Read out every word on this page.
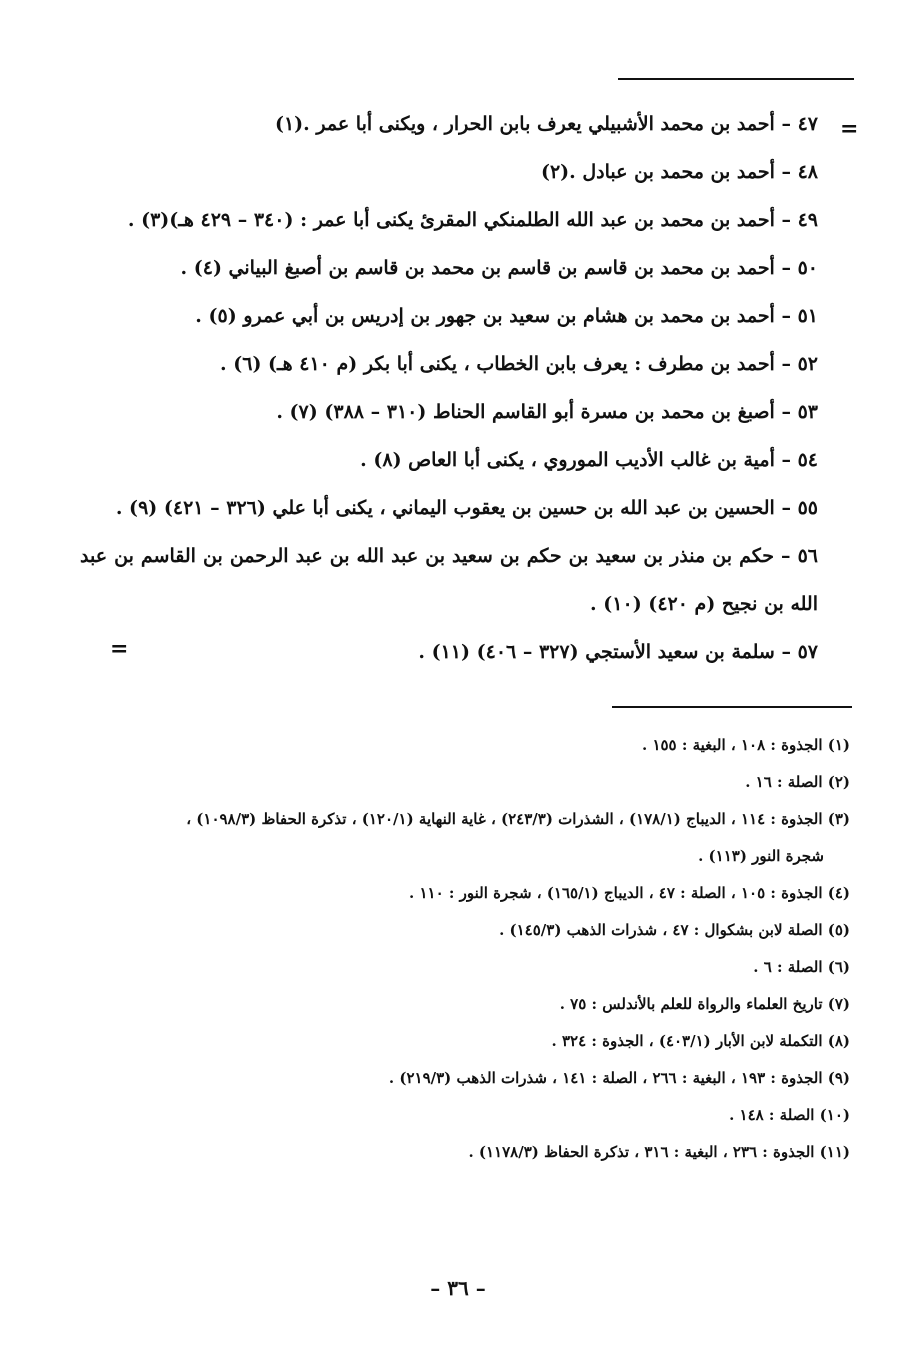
=
=
٤٧ – أحمد بن محمد الأشبيلي يعرف بابن الحرار ، ويكنى أبا عمر .(١)
٤٨ – أحمد بن محمد بن عبادل .(٢)
٤٩ – أحمد بن محمد بن عبد الله الطلمنكي المقرئ يكنى أبا عمر : (٣٤٠ – ٤٢٩ هـ)(٣) .
٥٠ – أحمد بن محمد بن قاسم بن قاسم بن محمد بن قاسم بن أصبغ البياني (٤) .
٥١ – أحمد بن محمد بن هشام بن سعيد بن جهور بن إدريس بن أبي عمرو (٥) .
٥٢ – أحمد بن مطرف : يعرف بابن الخطاب ، يكنى أبا بكر (م ٤١٠ هـ) (٦) .
٥٣ – أصبغ بن محمد بن مسرة أبو القاسم الحناط (٣١٠ – ٣٨٨) (٧) .
٥٤ – أمية بن غالب الأديب الموروي ، يكنى أبا العاص (٨) .
٥٥ – الحسين بن عبد الله بن حسين بن يعقوب اليماني ، يكنى أبا علي (٣٢٦ – ٤٢١) (٩) .
٥٦ – حكم بن منذر بن سعيد بن حكم بن سعيد بن عبد الله بن عبد الرحمن بن القاسم بن عبد الله بن نجيح (م ٤٢٠) (١٠) .
٥٧ – سلمة بن سعيد الأستجي (٣٢٧ – ٤٠٦) (١١) .
(١) الجذوة : ١٠٨ ، البغية : ١٥٥ .
(٢) الصلة : ١٦ .
(٣) الجذوة : ١١٤ ، الديباج (١٧٨/١) ، الشذرات (٢٤٣/٣) ، غاية النهاية (١٢٠/١) ، تذكرة الحفاظ (١٠٩٨/٣) ،
شجرة النور (١١٣) .
(٤) الجذوة : ١٠٥ ، الصلة : ٤٧ ، الديباج (١٦٥/١) ، شجرة النور : ١١٠ .
(٥) الصلة لابن بشكوال : ٤٧ ، شذرات الذهب (١٤٥/٣) .
(٦) الصلة : ٦ .
(٧) تاريخ العلماء والرواة للعلم بالأندلس : ٧٥ .
(٨) التكملة لابن الأبار (٤٠٣/١) ، الجذوة : ٣٢٤ .
(٩) الجذوة : ١٩٣ ، البغية : ٢٦٦ ، الصلة : ١٤١ ، شذرات الذهب (٢١٩/٣) .
(١٠) الصلة : ١٤٨ .
(١١) الجذوة : ٢٣٦ ، البغية : ٣١٦ ، تذكرة الحفاظ (١١٧٨/٣) .
– ٣٦ –
